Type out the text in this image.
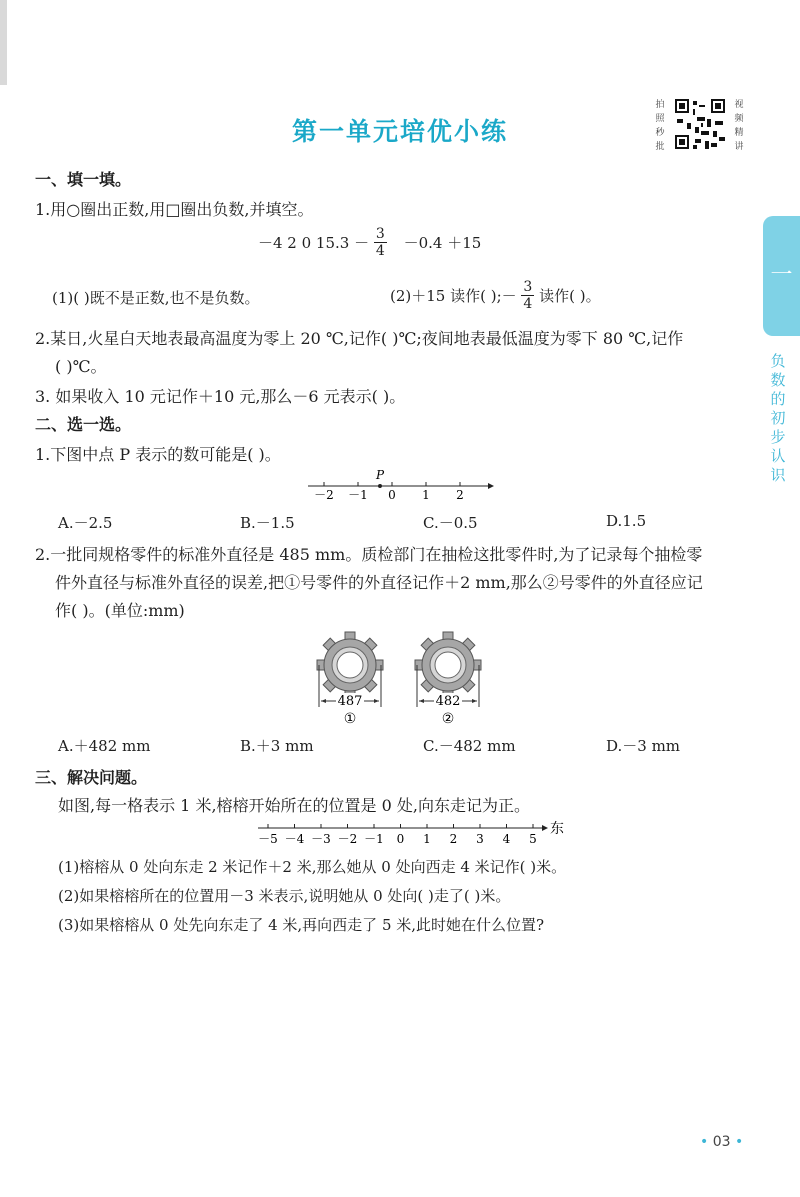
第一单元培优小练
拍照秒批
视频精讲
一
负数的初步认识
一、填一填。
1.用○圈出正数,用□圈出负数,并填空。
－4 2 0 $15.3 - \frac{3}{4} -0.4 +15$
(1)( )既不是正数,也不是负数。	(2)＋15 读作( );－ $\frac{3}{4}$ 读作( )。
2.某日,火星白天地表最高温度为零上 20 ℃,记作( )℃;夜间地表最低温度为零下 80 ℃,记作
( )℃。
3. 如果收入 10 元记作＋10 元,那么－6 元表示( )。
二、选一选。
1.下图中点 P 表示的数可能是( )。
－2 －1 0 1 2
P
A.－2.5	B.－1.5	C.－0.5	D.1.5
2.一批同规格零件的标准外直径是 485 mm。质检部门在抽检这批零件时,为了记录每个抽检零
件外直径与标准外直径的误差,把①号零件的外直径记作＋2 mm,那么②号零件的外直径应记
作( )。(单位:mm)
487
①
482
②
A.＋482 mm	B.＋3 mm	C.－482 mm	D.－3 mm
三、解决问题。
如图,每一格表示 1 米,榕榕开始所在的位置是 0 处,向东走记为正。
－5 －4 －3 －2 －1 0 1 2 3 4 5
东
(1)榕榕从 0 处向东走 2 米记作＋2 米,那么她从 0 处向西走 4 米记作( )米。
(2)如果榕榕所在的位置用－3 米表示,说明她从 0 处向( )走了( )米。
(3)如果榕榕从 0 处先向东走了 4 米,再向西走了 5 米,此时她在什么位置?
• 03 •
